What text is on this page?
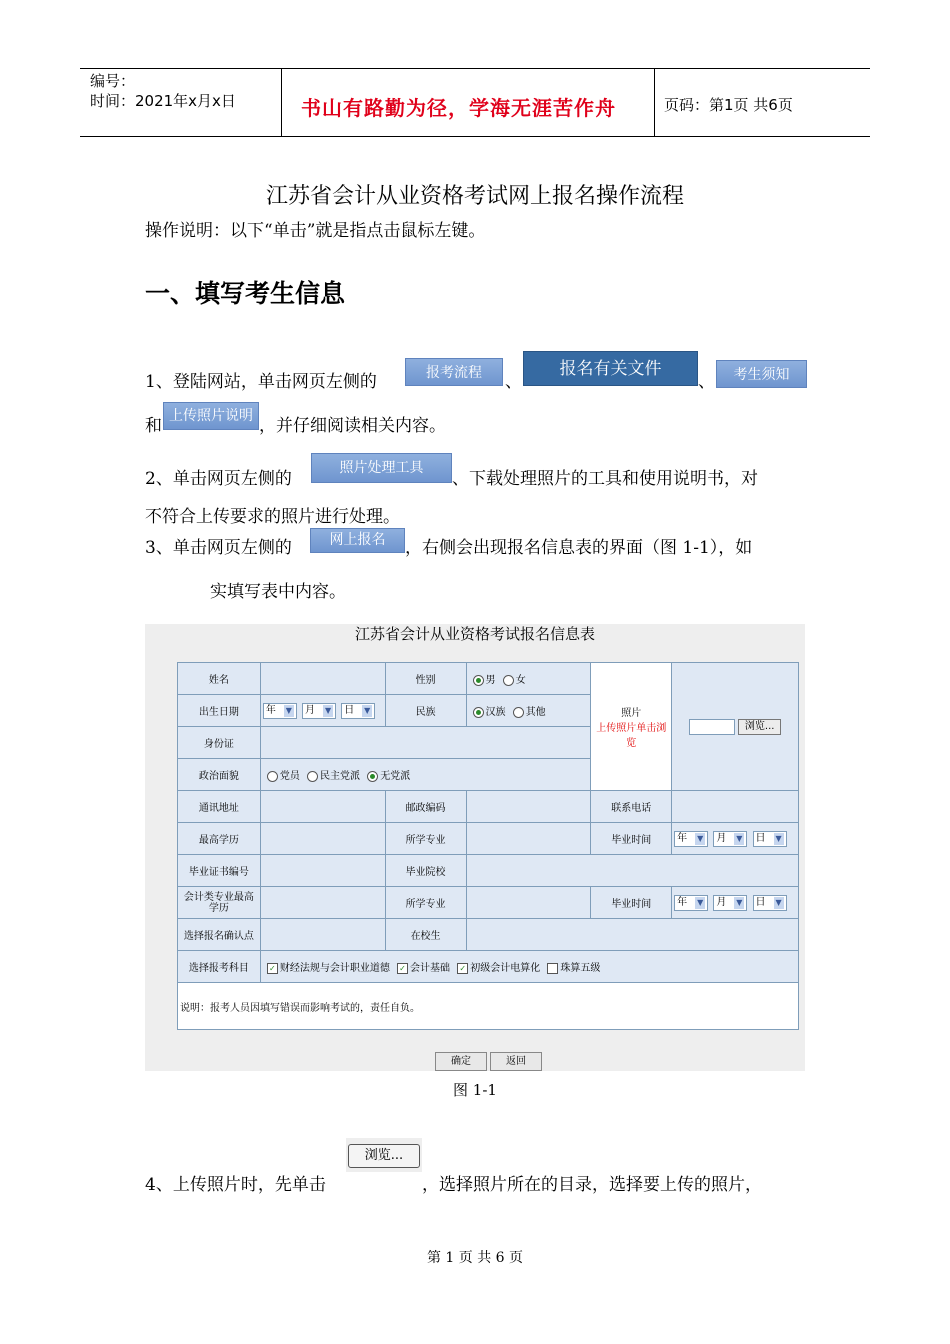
编号：
时间：2021年x月x日	书山有路勤为径，学海无涯苦作舟	页码：第1页 共6页
江苏省会计从业资格考试网上报名操作流程
操作说明：以下“单击”就是指点击鼠标左键。
一、填写考生信息
1、登陆网站，单击网页左侧的	报考流程	、
报名有关文件
、	考生须知
和 上传照片说明 ，并仔细阅读相关内容。
2、单击网页左侧的
照片处理工具
、下载处理照片的工具和使用说明书，对
不符合上传要求的照片进行处理。
3、单击网页左侧的	网上报名	，右侧会出现报名信息表的界面（图 1-1），如
实填写表中内容。
江苏省会计从业资格考试报名信息表
姓名		性别	男 女	照片
上传照片单击浏览	浏览...
出生日期	年 ▼ 月 ▼ 日 ▼	民族	汉族 其他		
身份证					
政治面貌	党员 民主党派 无党派				
通讯地址		邮政编码		联系电话	
最高学历		所学专业		毕业时间	年 ▼ 月 ▼ 日 ▼
毕业证书编号		毕业院校			
会计类专业最高学历		所学专业		毕业时间	年 ▼ 月 ▼ 日 ▼
选择报名确认点		在校生			
选择报考科目	✓ 财经法规与会计职业道德 ✓ 会计基础 ✓ 初级会计电算化 珠算五级				
说明：报考人员因填写错误而影响考试的，责任自负。					
确定	返回
图 1-1
浏览...
4、上传照片时，先单击	，选择照片所在的目录，选择要上传的照片，
第 1 页 共 6 页
